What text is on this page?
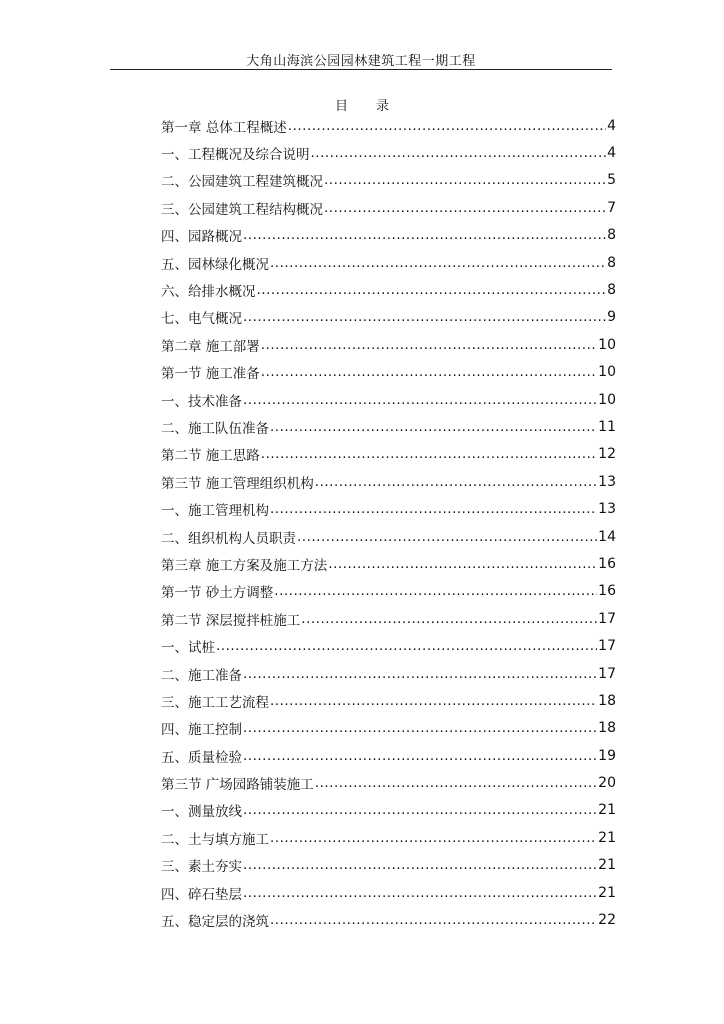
大角山海滨公园园林建筑工程一期工程
目 录
第一章 总体工程概述 .....	4
一、工程概况及综合说明 .....	4
二、公园建筑工程建筑概况 .....	5
三、公园建筑工程结构概况 .....	7
四、园路概况 .....	8
五、园林绿化概况 .....	8
六、给排水概况 .....	8
七、电气概况 .....	9
第二章 施工部署 .....	10
第一节 施工准备 .....	10
一、技术准备 .....	10
二、施工队伍准备 .....	11
第二节 施工思路 .....	12
第三节 施工管理组织机构 .....	13
一、施工管理机构 .....	13
二、组织机构人员职责 .....	14
第三章 施工方案及施工方法 .....	16
第一节 砂土方调整 .....	16
第二节 深层搅拌桩施工 .....	17
一、试桩 .....	17
二、施工准备 .....	17
三、施工工艺流程 .....	18
四、施工控制 .....	18
五、质量检验 .....	19
第三节 广场园路铺装施工 .....	20
一、测量放线 .....	21
二、土与填方施工 .....	21
三、素土夯实 .....	21
四、碎石垫层 .....	21
五、稳定层的浇筑 .....	22
